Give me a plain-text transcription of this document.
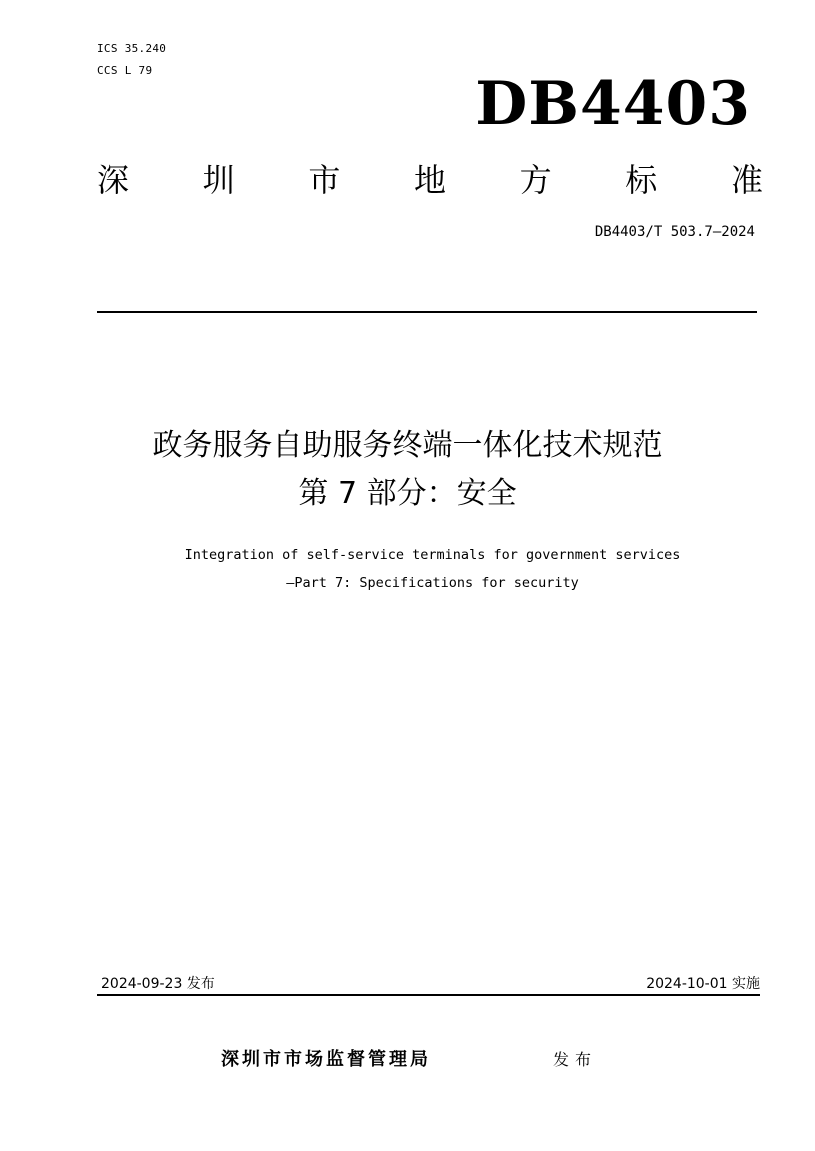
ICS 35.240
CCS L 79	DB4403
深 圳 市 地 方 标 准
DB4403/T 503.7—2024
政务服务自助服务终端一体化技术规范
第 7 部分：安全
Integration of self-service terminals for government services
—Part 7: Specifications for security
2024-09-23 发布	2024-10-01 实施
深圳市市场监督管理局	发布
